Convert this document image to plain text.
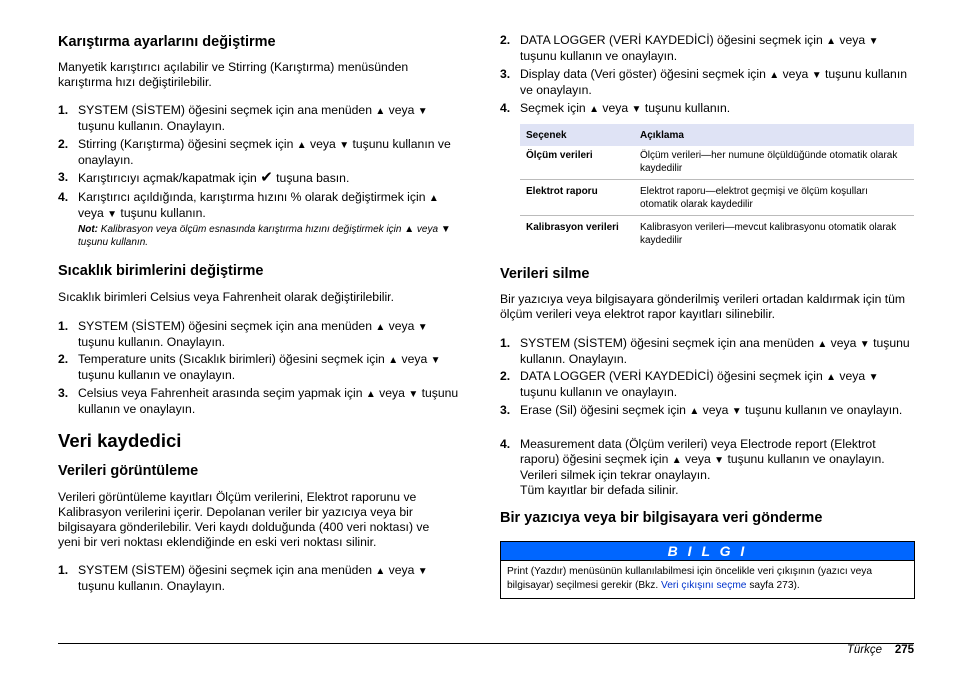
Karıştırma ayarlarını değiştirme

Manyetik karıştırıcı açılabilir ve Stirring (Karıştırma) menüsünden karıştırma hızı değiştirilebilir.

1. SYSTEM (SİSTEM) öğesini seçmek için ana menüden ▲ veya ▼ tuşunu kullanın. Onaylayın.
2. Stirring (Karıştırma) öğesini seçmek için ▲ veya ▼ tuşunu kullanın ve onaylayın.
3. Karıştırıcıyı açmak/kapatmak için ✔ tuşuna basın.
4. Karıştırıcı açıldığında, karıştırma hızını % olarak değiştirmek için ▲ veya ▼ tuşunu kullanın.
Not: Kalibrasyon veya ölçüm esnasında karıştırma hızını değiştirmek için ▲ veya ▼ tuşunu kullanın.
Sıcaklık birimlerini değiştirme

Sıcaklık birimleri Celsius veya Fahrenheit olarak değiştirilebilir.

1. SYSTEM (SİSTEM) öğesini seçmek için ana menüden ▲ veya ▼ tuşunu kullanın. Onaylayın.
2. Temperature units (Sıcaklık birimleri) öğesini seçmek için ▲ veya ▼ tuşunu kullanın ve onaylayın.
3. Celsius veya Fahrenheit arasında seçim yapmak için ▲ veya ▼ tuşunu kullanın ve onaylayın.
Veri kaydedici
Verileri görüntüleme

Verileri görüntüleme kayıtları Ölçüm verilerini, Elektrot raporunu ve Kalibrasyon verilerini içerir. Depolanan veriler bir yazıcıya veya bir bilgisayara gönderilebilir. Veri kaydı dolduğunda (400 veri noktası) ve yeni bir veri noktası eklendiğinde en eski veri noktası silinir.

1. SYSTEM (SİSTEM) öğesini seçmek için ana menüden ▲ veya ▼ tuşunu kullanın. Onaylayın.
2. DATA LOGGER (VERİ KAYDEDİCİ) öğesini seçmek için ▲ veya ▼ tuşunu kullanın ve onaylayın.
3. Display data (Veri göster) öğesini seçmek için ▲ veya ▼ tuşunu kullanın ve onaylayın.
4. Seçmek için ▲ veya ▼ tuşunu kullanın.
Seçenek	Açıklama
Ölçüm verileri	Ölçüm verileri—her numune ölçüldüğünde otomatik olarak kaydedilir
Elektrot raporu	Elektrot raporu—elektrot geçmişi ve ölçüm koşulları otomatik olarak kaydedilir
Kalibrasyon verileri	Kalibrasyon verileri—mevcut kalibrasyonu otomatik olarak kaydedilir
Verileri silme

Bir yazıcıya veya bilgisayara gönderilmiş verileri ortadan kaldırmak için tüm ölçüm verileri veya elektrot rapor kayıtları silinebilir.

1. SYSTEM (SİSTEM) öğesini seçmek için ana menüden ▲ veya ▼ tuşunu kullanın. Onaylayın.
2. DATA LOGGER (VERİ KAYDEDİCİ) öğesini seçmek için ▲ veya ▼ tuşunu kullanın ve onaylayın.
3. Erase (Sil) öğesini seçmek için ▲ veya ▼ tuşunu kullanın ve onaylayın.
4. Measurement data (Ölçüm verileri) veya Electrode report (Elektrot raporu) öğesini seçmek için ▲ veya ▼ tuşunu kullanın ve onaylayın. Verileri silmek için tekrar onaylayın.
Tüm kayıtlar bir defada silinir.
Bir yazıcıya veya bir bilgisayara veri gönderme
B I L G I
Print (Yazdır) menüsünün kullanılabilmesi için öncelikle veri çıkışının (yazıcı veya bilgisayar) seçilmesi gerekir (Bkz. Veri çıkışını seçme sayfa 273).
Türkçe 275
